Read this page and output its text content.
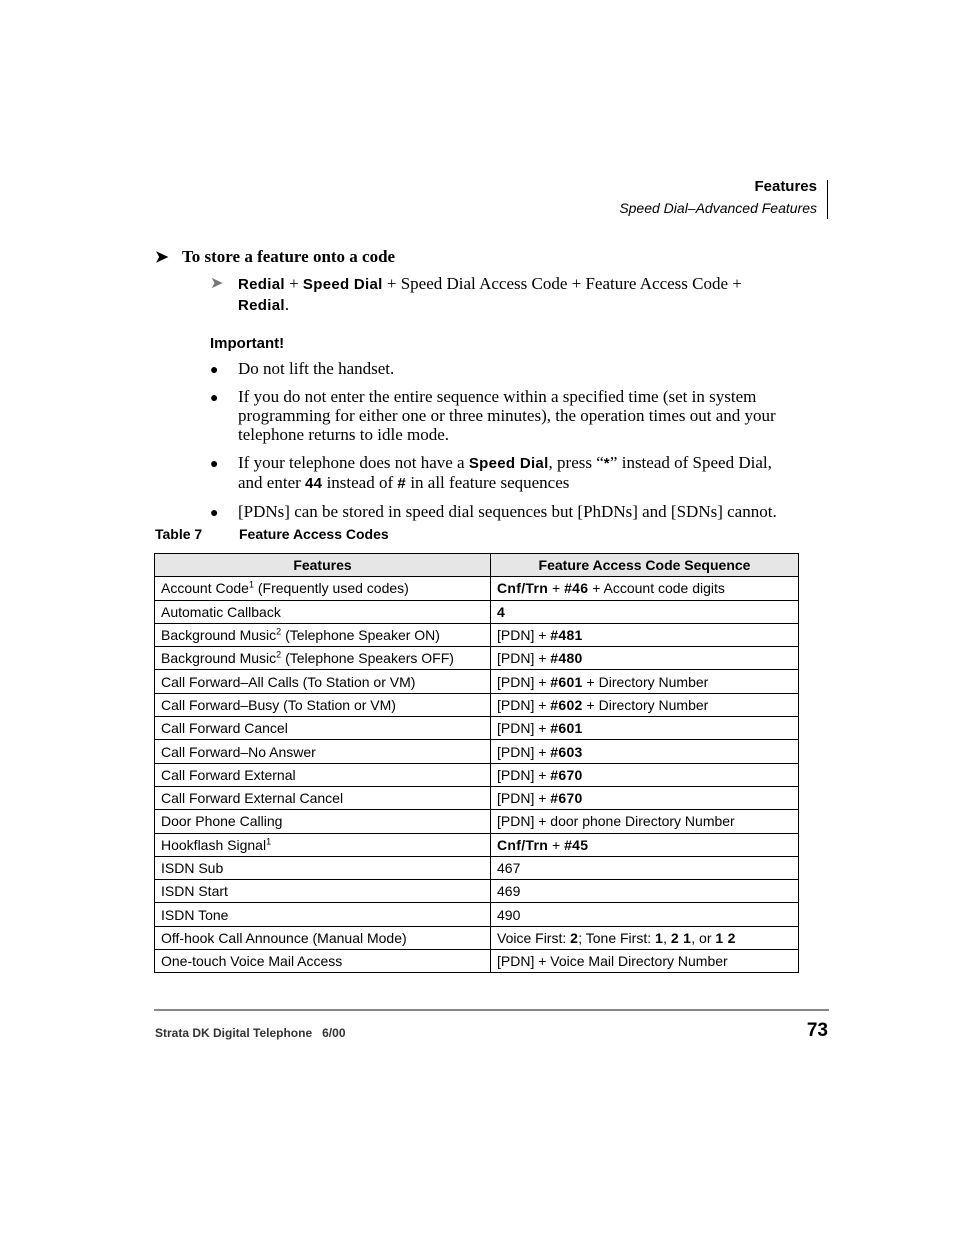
Features
Speed Dial–Advanced Features
➤ To store a feature onto a code
➤ Redial + Speed Dial + Speed Dial Access Code + Feature Access Code + Redial.
Important!
● Do not lift the handset.
● If you do not enter the entire sequence within a specified time (set in system programming for either one or three minutes), the operation times out and your telephone returns to idle mode.
● If your telephone does not have a Speed Dial, press “*” instead of Speed Dial, and enter 44 instead of # in all feature sequences
● [PDNs] can be stored in speed dial sequences but [PhDNs] and [SDNs] cannot.
Table 7	Feature Access Codes
Features	Feature Access Code Sequence
Account Code$^1$ (Frequently used codes)	Cnf/Trn + #46 + Account code digits
Automatic Callback	4
Background Music$^2$ (Telephone Speaker ON)	[PDN] + #481
Background Music$^2$ (Telephone Speakers OFF)	[PDN] + #480
Call Forward–All Calls (To Station or VM)	[PDN] + #601 + Directory Number
Call Forward–Busy (To Station or VM)	[PDN] + #602 + Directory Number
Call Forward Cancel	[PDN] + #601
Call Forward–No Answer	[PDN] + #603
Call Forward External	[PDN] + #670
Call Forward External Cancel	[PDN] + #670
Door Phone Calling	[PDN] + door phone Directory Number
Hookflash Signal$^1$	Cnf/Trn + #45
ISDN Sub	467
ISDN Start	469
ISDN Tone	490
Off-hook Call Announce (Manual Mode)	Voice First: 2; Tone First: 1, 2 1, or 1 2
One-touch Voice Mail Access	[PDN] + Voice Mail Directory Number
Strata DK Digital Telephone   6/00	73
